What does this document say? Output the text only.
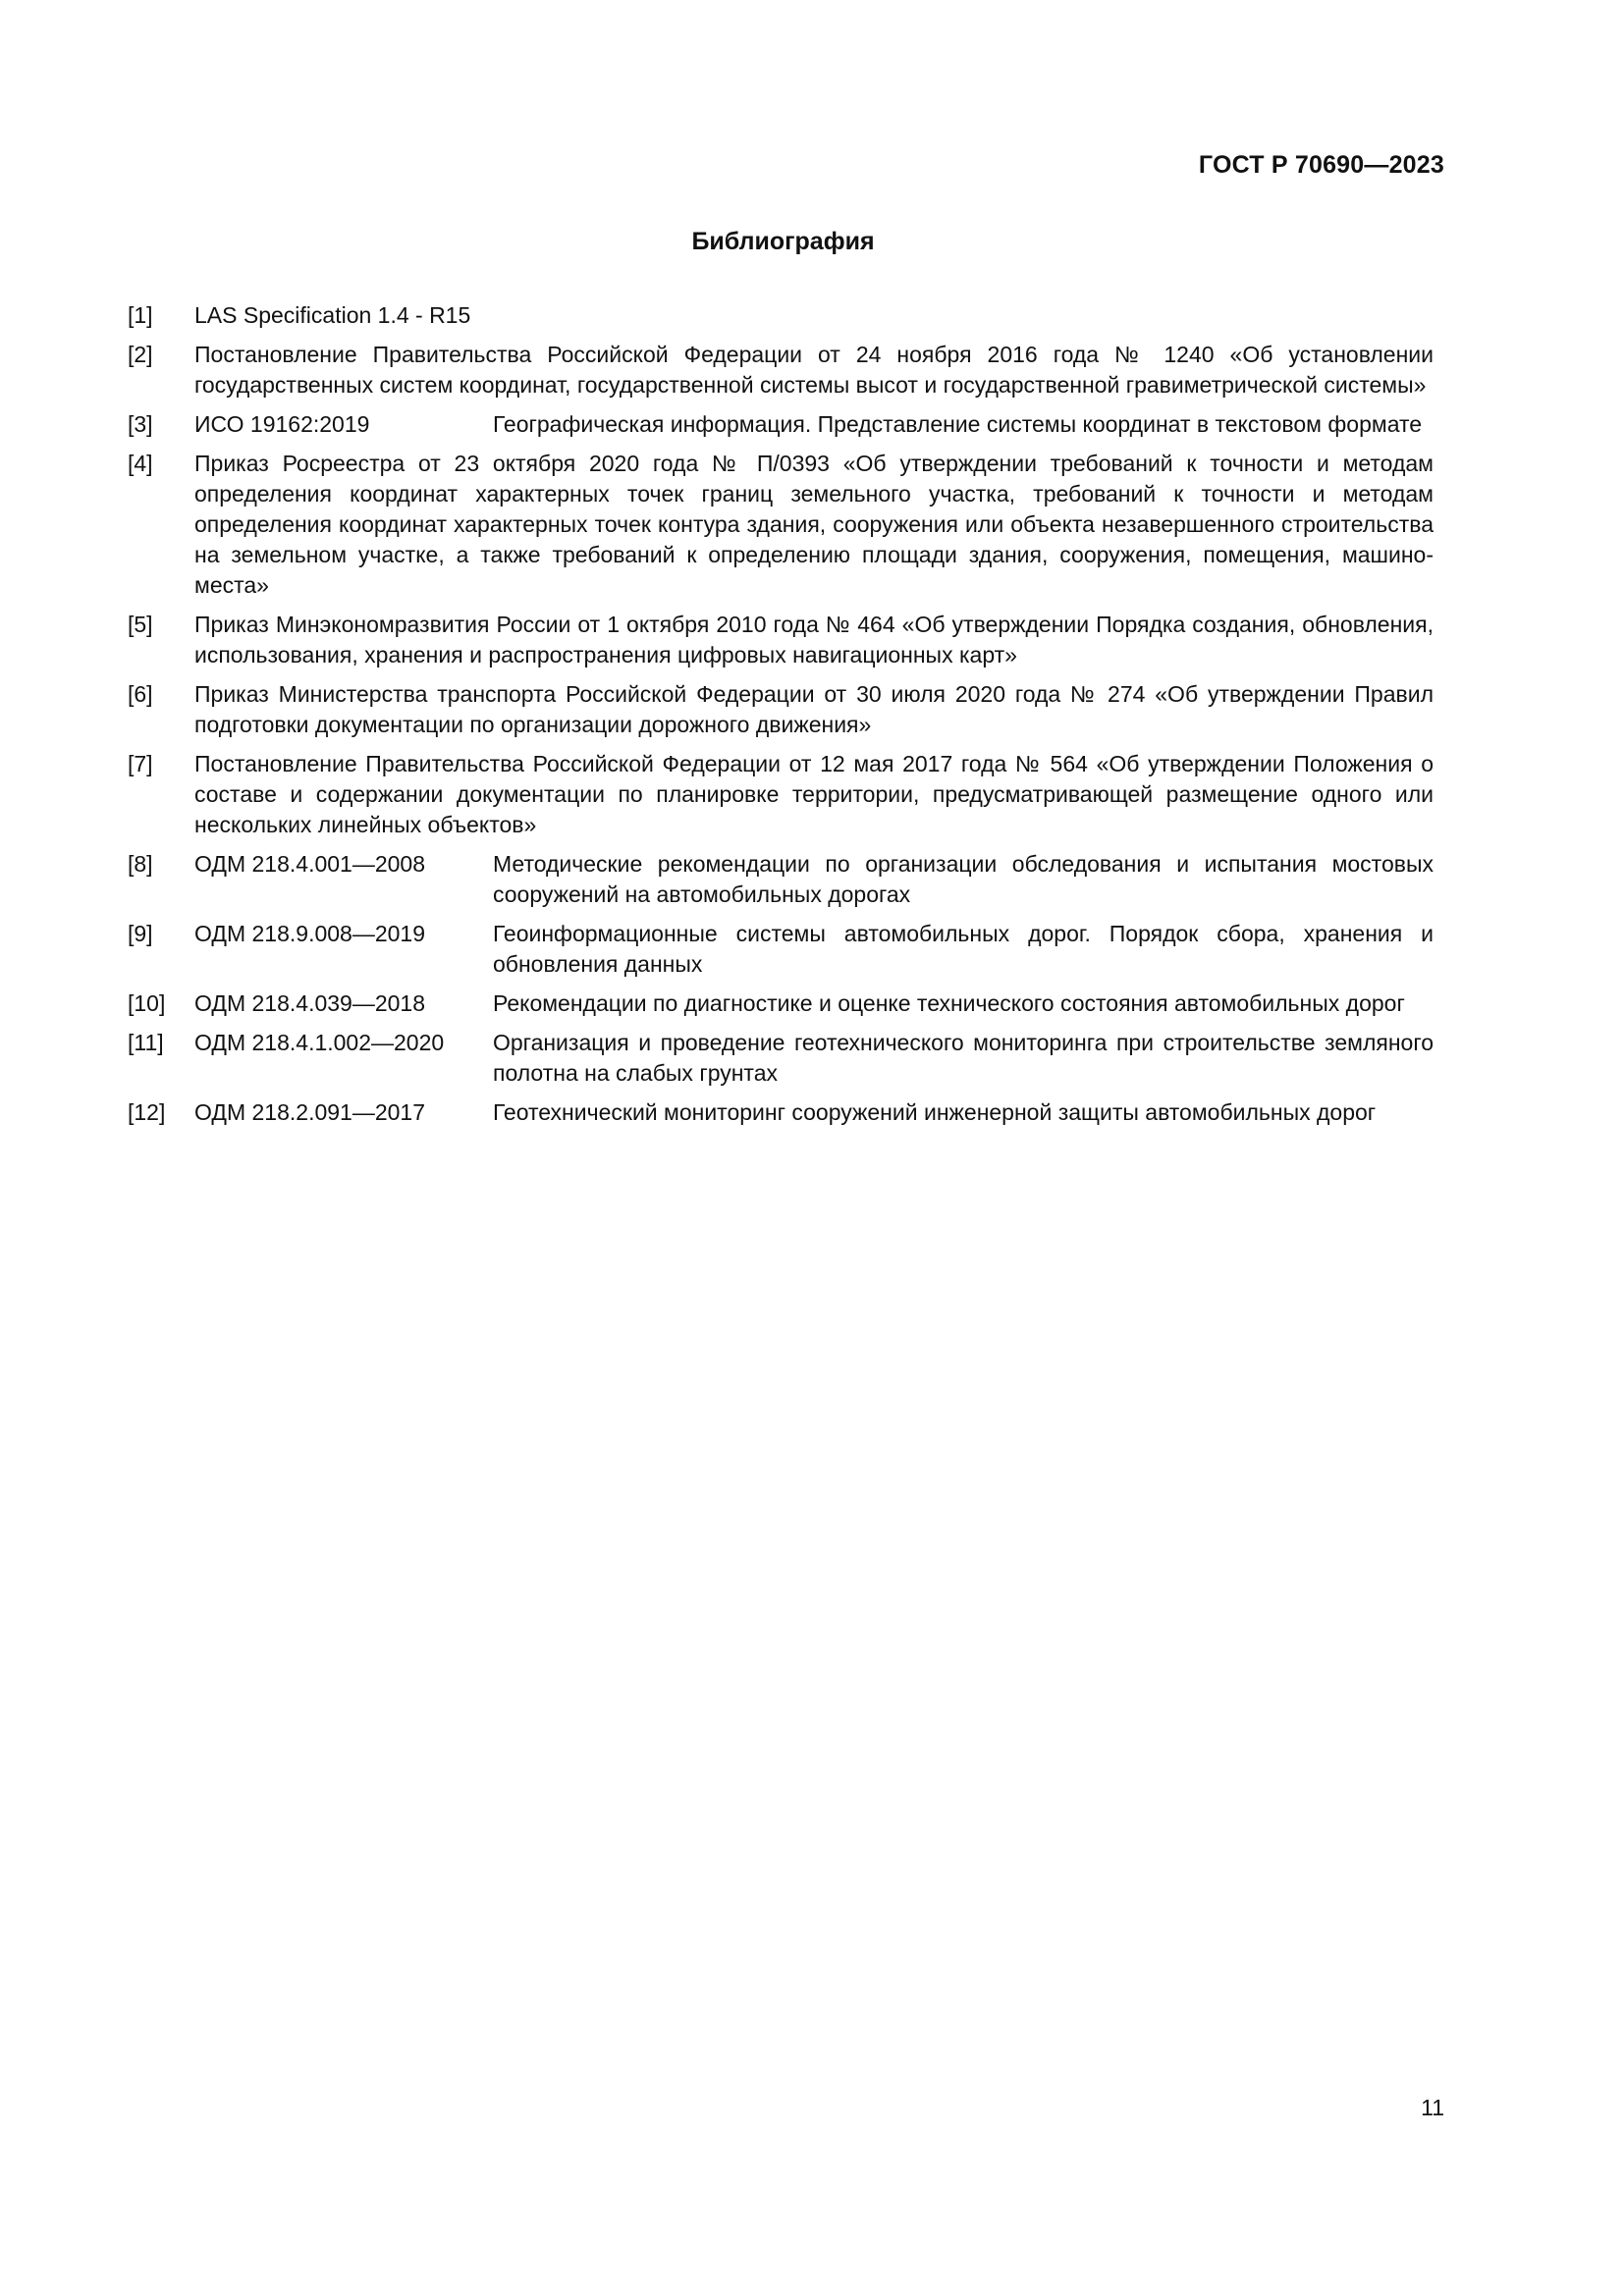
ГОСТ Р 70690—2023
Библиография
[1]	LAS Specification 1.4 - R15
[2]	Постановление Правительства Российской Федерации от 24 ноября 2016 года № 1240 «Об установлении государственных систем координат, государственной системы высот и государственной гравиметрической системы»
[3]	ИСО 19162:2019	Географическая информация. Представление системы координат в текстовом формате
[4]	Приказ Росреестра от 23 октября 2020 года № П/0393 «Об утверждении требований к точности и методам определения координат характерных точек границ земельного участка, требований к точности и методам определения координат характерных точек контура здания, сооружения или объекта незавершенного строительства на земельном участке, а также требований к определению площади здания, сооружения, помещения, машино-места»
[5]	Приказ Минэкономразвития России от 1 октября 2010 года № 464 «Об утверждении Порядка создания, обновления, использования, хранения и распространения цифровых навигационных карт»
[6]	Приказ Министерства транспорта Российской Федерации от 30 июля 2020 года № 274 «Об утверждении Правил подготовки документации по организации дорожного движения»
[7]	Постановление Правительства Российской Федерации от 12 мая 2017 года № 564 «Об утверждении Положения о составе и содержании документации по планировке территории, предусматривающей размещение одного или нескольких линейных объектов»
[8]	ОДМ 218.4.001—2008	Методические рекомендации по организации обследования и испытания мостовых сооружений на автомобильных дорогах
[9]	ОДМ 218.9.008—2019	Геоинформационные системы автомобильных дорог. Порядок сбора, хранения и обновления данных
[10]	ОДМ 218.4.039—2018	Рекомендации по диагностике и оценке технического состояния автомобильных дорог
[11]	ОДМ 218.4.1.002—2020	Организация и проведение геотехнического мониторинга при строительстве земляного полотна на слабых грунтах
[12]	ОДМ 218.2.091—2017	Геотехнический мониторинг сооружений инженерной защиты автомобильных дорог
11
